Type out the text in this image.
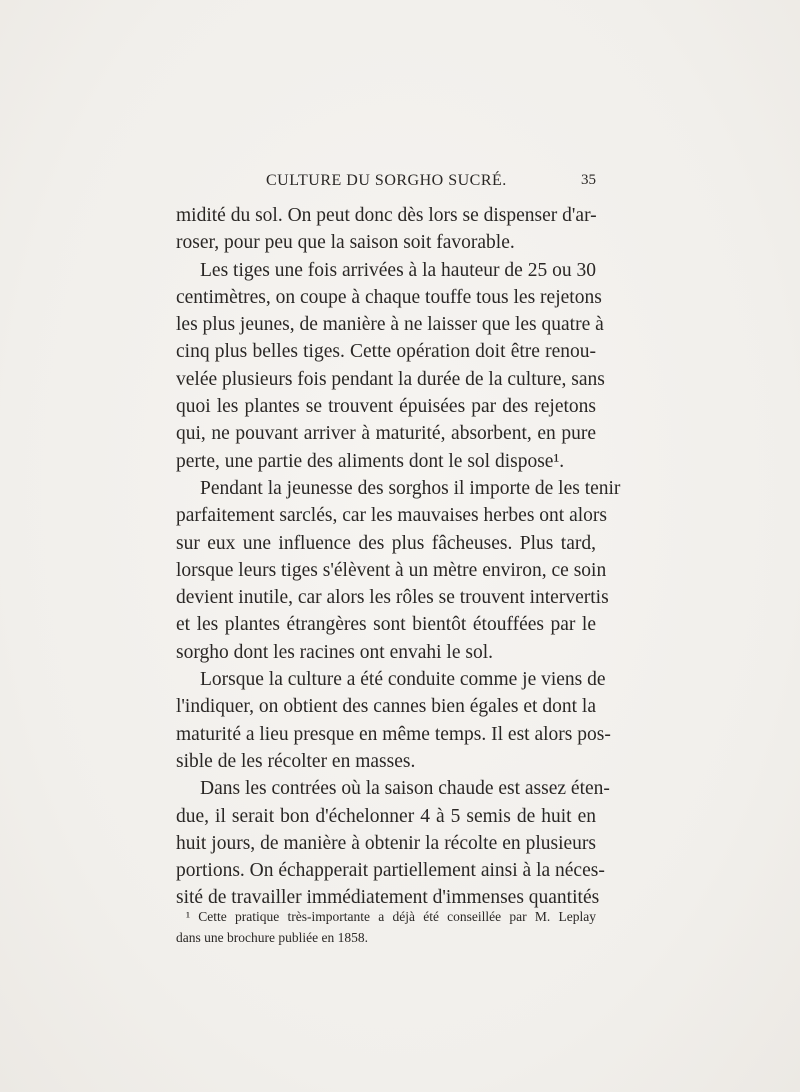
CULTURE DU SORGHO SUCRÉ.	35
midité du sol. On peut donc dès lors se dispenser d'ar-
roser, pour peu que la saison soit favorable.
Les tiges une fois arrivées à la hauteur de 25 ou 30
centimètres, on coupe à chaque touffe tous les rejetons
les plus jeunes, de manière à ne laisser que les quatre à
cinq plus belles tiges. Cette opération doit être renou-
velée plusieurs fois pendant la durée de la culture, sans
quoi les plantes se trouvent épuisées par des rejetons
qui, ne pouvant arriver à maturité, absorbent, en pure
perte, une partie des aliments dont le sol dispose¹.
Pendant la jeunesse des sorghos il importe de les tenir
parfaitement sarclés, car les mauvaises herbes ont alors
sur eux une influence des plus fâcheuses. Plus tard,
lorsque leurs tiges s'élèvent à un mètre environ, ce soin
devient inutile, car alors les rôles se trouvent intervertis
et les plantes étrangères sont bientôt étouffées par le
sorgho dont les racines ont envahi le sol.
Lorsque la culture a été conduite comme je viens de
l'indiquer, on obtient des cannes bien égales et dont la
maturité a lieu presque en même temps. Il est alors pos-
sible de les récolter en masses.
Dans les contrées où la saison chaude est assez éten-
due, il serait bon d'échelonner 4 à 5 semis de huit en
huit jours, de manière à obtenir la récolte en plusieurs
portions. On échapperait partiellement ainsi à la néces-
sité de travailler immédiatement d'immenses quantités
¹ Cette pratique très-importante a déjà été conseillée par M. Leplay
dans une brochure publiée en 1858.
